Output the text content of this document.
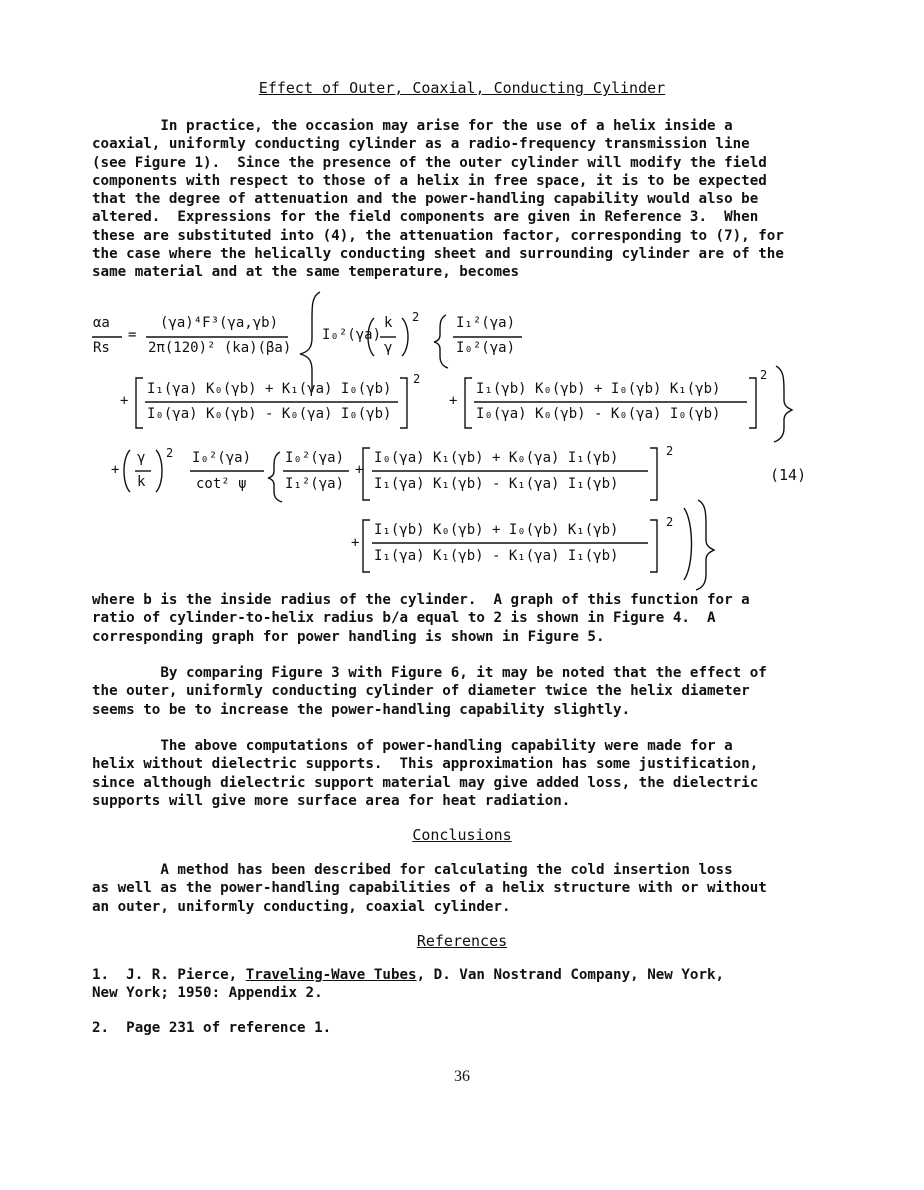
Effect of Outer, Coaxial, Conducting Cylinder
In practice, the occasion may arise for the use of a helix inside a
coaxial, uniformly conducting cylinder as a radio-frequency transmission line
(see Figure 1).  Since the presence of the outer cylinder will modify the field
components with respect to those of a helix in free space, it is to be expected
that the degree of attenuation and the power-handling capability would also be
altered.  Expressions for the field components are given in Reference 3.  When
these are substituted into (4), the attenuation factor, corresponding to (7), for
the case where the helically conducting sheet and surrounding cylinder are of the
same material and at the same temperature, becomes
αa
Rs
=
(γa)⁴F³(γa,γb)
2π(120)² (ka)(βa)
I₀²(γa)
k
γ
2	I₁²(γa)
I₀²(γa)
+
I₁(γa) K₀(γb) + K₁(γa) I₀(γb)
I₀(γa) K₀(γb) - K₀(γa) I₀(γb)
2
+
I₁(γb) K₀(γb) + I₀(γb) K₁(γb)
I₀(γa) K₀(γb) - K₀(γa) I₀(γb)
2
+
γ
k
2 I₀²(γa)
cot² ψ
I₀²(γa)
I₁²(γa)
+
I₀(γa) K₁(γb) + K₀(γa) I₁(γb)
I₁(γa) K₁(γb) - K₁(γa) I₁(γb)
2
+
I₁(γb) K₀(γb) + I₀(γb) K₁(γb)
I₁(γa) K₁(γb) - K₁(γa) I₁(γb)
2
(14)
where b is the inside radius of the cylinder.  A graph of this function for a
ratio of cylinder-to-helix radius b/a equal to 2 is shown in Figure 4.  A
corresponding graph for power handling is shown in Figure 5.
By comparing Figure 3 with Figure 6, it may be noted that the effect of
the outer, uniformly conducting cylinder of diameter twice the helix diameter
seems to be to increase the power-handling capability slightly.
The above computations of power-handling capability were made for a
helix without dielectric supports.  This approximation has some justification,
since although dielectric support material may give added loss, the dielectric
supports will give more surface area for heat radiation.
Conclusions
A method has been described for calculating the cold insertion loss
as well as the power-handling capabilities of a helix structure with or without
an outer, uniformly conducting, coaxial cylinder.
References
1.  J. R. Pierce, Traveling-Wave Tubes, D. Van Nostrand Company, New York,
New York; 1950: Appendix 2.
2.  Page 231 of reference 1.
36
